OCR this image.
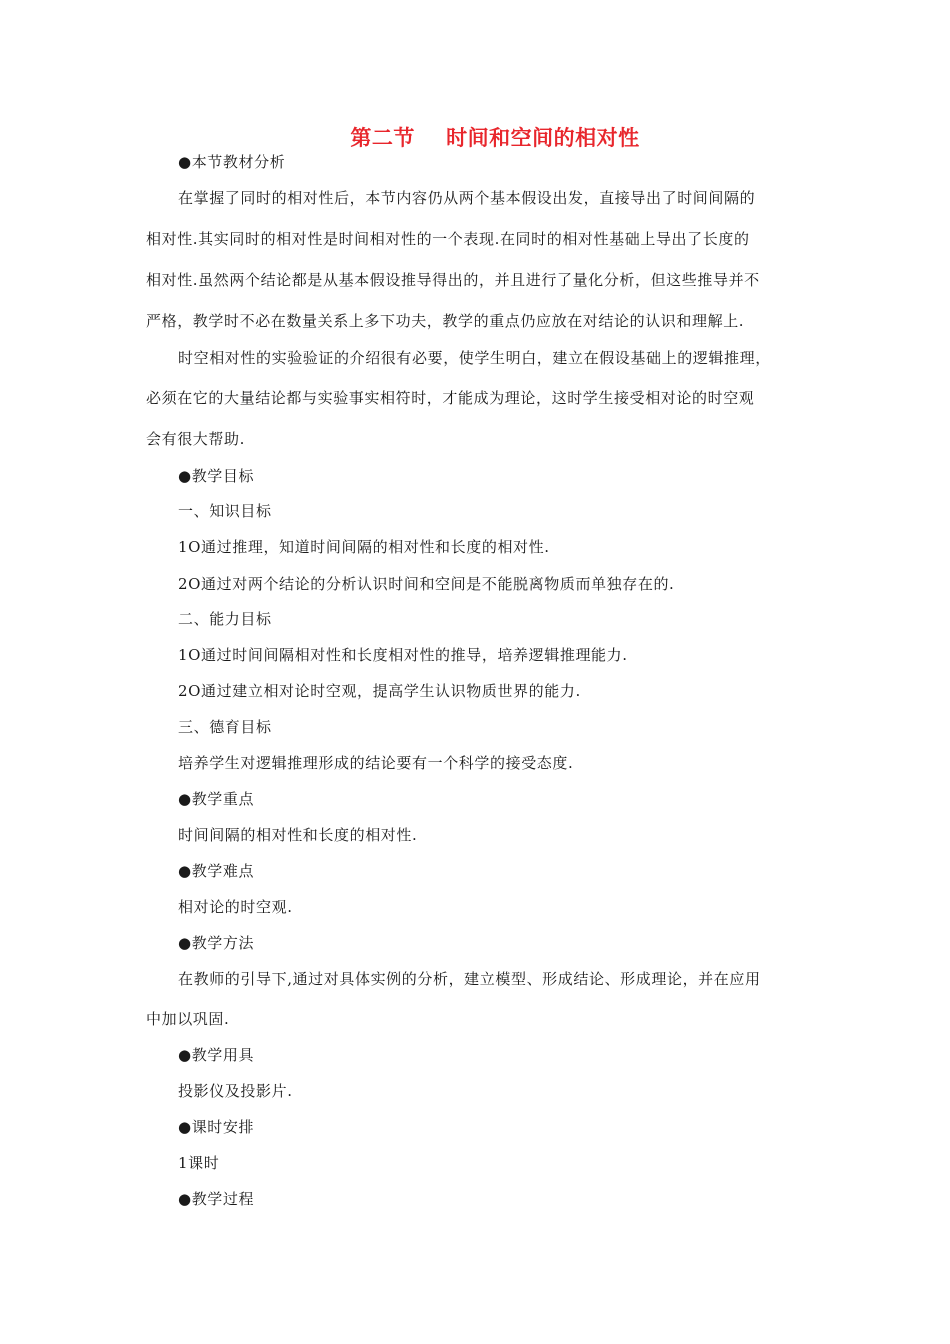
第二节    时间和空间的相对性
●本节教材分析
在掌握了同时的相对性后，本节内容仍从两个基本假设出发，直接导出了时间间隔的
相对性.其实同时的相对性是时间相对性的一个表现.在同时的相对性基础上导出了长度的
相对性.虽然两个结论都是从基本假设推导得出的，并且进行了量化分析，但这些推导并不
严格，教学时不必在数量关系上多下功夫，教学的重点仍应放在对结论的认识和理解上.
时空相对性的实验验证的介绍很有必要，使学生明白，建立在假设基础上的逻辑推理，
必须在它的大量结论都与实验事实相符时，才能成为理论，这时学生接受相对论的时空观
会有很大帮助.
●教学目标
一、知识目标
1O通过推理，知道时间间隔的相对性和长度的相对性.
2O通过对两个结论的分析认识时间和空间是不能脱离物质而单独存在的.
二、能力目标
1O通过时间间隔相对性和长度相对性的推导，培养逻辑推理能力.
2O通过建立相对论时空观，提高学生认识物质世界的能力.
三、德育目标
培养学生对逻辑推理形成的结论要有一个科学的接受态度.
●教学重点
时间间隔的相对性和长度的相对性.
●教学难点
相对论的时空观.
●教学方法
在教师的引导下,通过对具体实例的分析，建立模型、形成结论、形成理论，并在应用
中加以巩固.
●教学用具
投影仪及投影片.
●课时安排
1课时
●教学过程
